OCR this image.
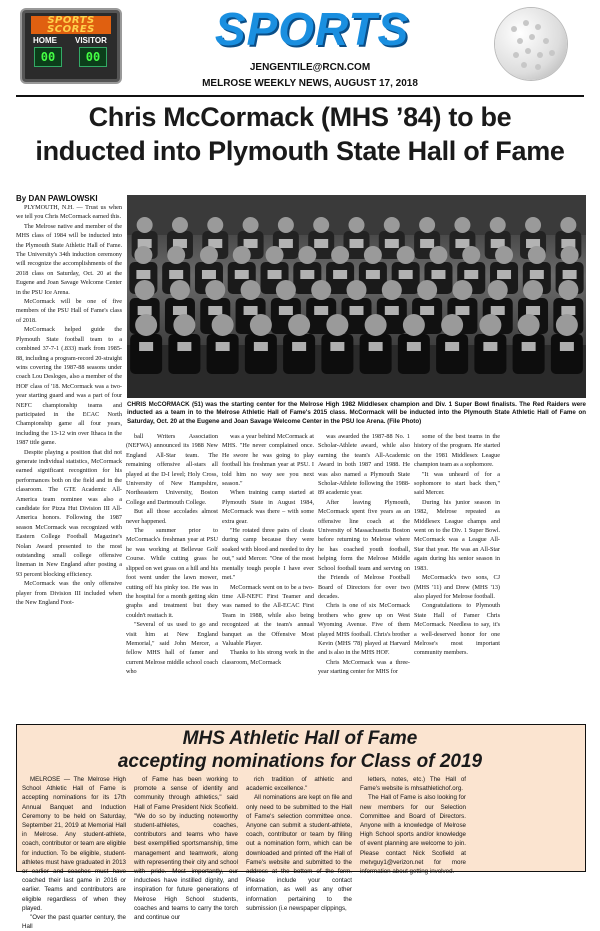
SPORTS SCORES
HOME VISITOR
00	00
SPORTS
JENGENTILE@RCN.COM
MELROSE WEEKLY NEWS, AUGUST 17, 2018
Chris McCormack (MHS ’84) to be
inducted into Plymouth State Hall of Fame
By DAN PAWLOWSKI

PLYMOUTH, N.H. — Trust us when we tell you Chris McCormack earned this.

The Melrose native and member of the MHS class of 1984 will be inducted into the Plymouth State Athletic Hall of Fame. The University's 34th induction ceremony will recognize the accomplishments of the 2018 class on Saturday, Oct. 20 at the Eugene and Joan Savage Welcome Center in the PSU Ice Arena.

McCormack will be one of five members of the PSU Hall of Fame's class of 2018.

McCormack helped guide the Plymouth State football team to a combined 37-7-1 (.833) mark from 1985-88, including a program-record 20-straight wins covering the 1987-88 seasons under coach Lou Desloges, also a member of the HOF class of '18. McCormack was a two-year starting guard and was a part of four NEFC championship teams and participated in the ECAC North Championship game all four years, including the 13-12 win over Ithaca in the 1987 title game.

Despite playing a position that did not generate individual statistics, McCormack earned significant recognition for his performances both on the field and in the classroom. The GTE Academic All-America team nominee was also a candidate for Pizza Hut Division III All-America honors. Following the 1987 season McCormack was recognized with Eastern College Football Magazine's Nolan Award presented to the most outstanding small college offensive lineman in New England after posting a 93 percent blocking efficiency.

McCormack was the only offensive player from Division III included when the New England Foot-

CHRIS McCORMACK (51) was the starting center for the Melrose High 1982 Middlesex champion and Div. 1 Super Bowl finalists. The Red Raiders were inducted as a team in to the Melrose Athletic Hall of Fame's 2015 class. McCormack will be inducted into the Plymouth State Athletic Hall of Fame on Saturday, Oct. 20 at the Eugene and Joan Savage Welcome Center in the PSU Ice Arena. (File Photo)

ball Writers Association (NEFWA) announced its 1988 New England All-Star team. The remaining offensive all-stars all played at the D-I level; Holy Cross, University of New Hampshire, Northeastern University, Boston College and Dartmouth College.

But all those accolades almost never happened.

The summer prior to McCormack's freshman year at PSU he was working at Bellevue Golf Course. While cutting grass he slipped on wet grass on a hill and his foot went under the lawn mower, cutting off his pinky toe. He was in the hospital for a month getting skin graphs and treatment but they couldn't reattach it.

"Several of us used to go and visit him at New England Memorial," said John Mercer, a fellow MHS hall of famer and current Melrose middle school coach who

was a year behind McCormack at MHS. "He never complained once. He swore he was going to play football his freshman year at PSU. I told him no way see you next season."

When training camp started at Plymouth State in August 1984, McCormack was there – with some extra gear.

"He rotated three pairs of cleats during camp because they were soaked with blood and needed to dry out," said Mercer. "One of the most mentally tough people I have ever met."

McCormack went on to be a two-time All-NEFC First Teamer and was named to the All-ECAC First Team in 1988, while also being recognized at the team's annual banquet as the Offensive Most Valuable Player.

Thanks to his strong work in the classroom, McCormack

was awarded the 1987-88 No. 1 Scholar-Athlete award, while also earning the team's All-Academic Award in both 1987 and 1988. He was also named a Plymouth State Scholar-Athlete following the 1988-89 academic year.

After leaving Plymouth, McCormack spent five years as an offensive line coach at the University of Massachusetts Boston before returning to Melrose where he has coached youth football, helping form the Melrose Middle School football team and serving on the Friends of Melrose Football Board of Directors for over two decades.

Chris is one of six McCormack brothers who grew up on West Wyoming Avenue. Five of them played MHS football. Chris's brother Kevin (MHS '78) played at Harvard and is also in the MHS HOF.

Chris McCormack was a three-year starting center for MHS for

some of the best teams in the history of the program. He started on the 1981 Middlesex League champion team as a sophomore.

"It was unheard of for a sophomore to start back then," said Mercer.

During his junior season in 1982, Melrose repeated as Middlesex League champs and went on to the Div. 1 Super Bowl. McCormack was a League All-Star that year. He was an All-Star again during his senior season in 1983.

McCormack's two sons, CJ (MHS '11) and Drew (MHS '13) also played for Melrose football.

Congratulations to Plymouth State Hall of Famer Chris McCormack. Needless to say, it's a well-deserved honor for one Melrose's most important community members.

MHS Athletic Hall of Fame
accepting nominations for Class of 2019

MELROSE — The Melrose High School Athletic Hall of Fame is accepting nominations for its 17th Annual Banquet and Induction Ceremony to be held on Saturday, September 21, 2019 at Memorial Hall in Melrose. Any student-athlete, coach, contributor or team are eligible for induction. To be eligible, student-athletes must have graduated in 2013 or earlier and coaches must have coached their last game in 2016 or earlier. Teams and contributors are eligible regardless of when they played.

"Over the past quarter century, the Hall

of Fame has been working to promote a sense of identity and community through athletics," said Hall of Fame President Nick Scofield. "We do so by inducting noteworthy student-athletes, coaches, contributors and teams who have best exemplified sportsmanship, time management and teamwork, along with representing their city and school with pride. Most importantly, our inductees have instilled dignity, and inspiration for future generations of Melrose High School students, coaches and teams to carry the torch and continue our

rich tradition of athletic and academic excellence."

All nominations are kept on file and only need to be submitted to the Hall of Fame's selection committee once. Anyone can submit a student-athlete, coach, contributor or team by filling out a nomination form, which can be downloaded and printed off the Hall of Fame's website and submitted to the address at the bottom of the form. Please include your contact information, as well as any other information pertaining to the submission (i.e newspaper clippings,

letters, notes, etc.) The Hall of Fame's website is mhsathletichof.org.

The Hall of Fame is also looking for new members for our Selection Committee and Board of Directors. Anyone with a knowledge of Melrose High School sports and/or knowledge of event planning are welcome to join. Please contact Nick Scofield at metvguy1@verizon.net for more information about getting involved.
